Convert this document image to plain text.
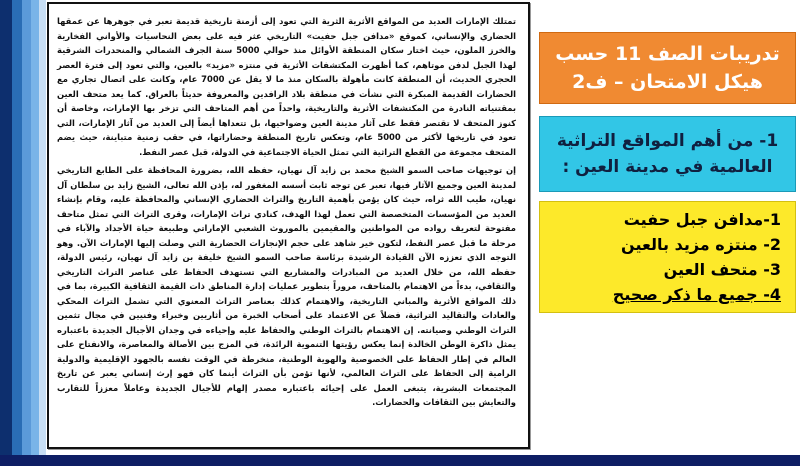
تمتلك الإمارات العديد من المواقع الأثرية الثرية التي تعود إلى أزمنة تاريخية قديمة تعبر في جوهرها عن عمقها الحضاري والإنساني، كموقع «مدافن جبل حفيت» التاريخي عثر فيه على بعض النحاسيات والأواني الفخارية والخرز الملون، حيث اختار سكان المنطقة الأوائل منذ حوالي 5000 سنة الجرف الشمالي والمنحدرات الشرقية لهذا الجبل لدفن موتاهم، كما أظهرت المكتشفات الأثرية في منتزه «مزيد» بالعين، والتي تعود إلى فترة العصر الحجري الحديث، أن المنطقة كانت مأهولة بالسكان منذ ما لا يقل عن 7000 عام، وكانت على اتصال تجاري مع الحضارات القديمة المبكرة التي نشأت في منطقة بلاد الرافدين والمعروفة حديثاً بالعراق. كما يعد متحف العين بمقتنياته النادرة من المكتشفات الأثرية والتاريخية، واحداً من أهم المتاحف التي تزخر بها الإمارات، وخاصة أن كنوز المتحف لا تقتصر فقط على آثار مدينة العين وضواحيها، بل تتعداها أيضاً إلى العديد من آثار الإمارات، التي تعود في تاريخها لأكثر من 5000 عام، وتعكس تاريخ المنطقة وحضاراتها، في حقب زمنية متباينة، حيث يضم المتحف مجموعة من القطع التراثية التي تمثل الحياة الاجتماعية في الدولة، قبل عصر النفط.

إن توجيهات صاحب السمو الشيخ محمد بن زايد آل نهيان، حفظه الله، بضرورة المحافظة على الطابع التاريخي لمدينة العين وجميع الآثار فيها، تعبر عن توجه ثابت أسسه المغفور له، بإذن الله تعالى، الشيخ زايد بن سلطان آل نهيان، طيب الله ثراه، حيث كان يؤمن بأهمية التاريخ والتراث الحضاري الإنساني والمحافظة عليه، وقام بإنشاء العديد من المؤسسات المتخصصة التي تعمل لهذا الهدف، كنادي تراث الإمارات، وقرى التراث التي تمثل متاحف مفتوحة لتعريف رواده من المواطنين والمقيمين بالموروث الشعبي الإماراتي وطبيعة حياة الأجداد والآباء في مرحلة ما قبل عصر النفط، لتكون خير شاهد على حجم الإنجازات الحضارية التي وصلت إليها الإمارات الآن. وهو التوجه الذي تعززه الآن القيادة الرشيدة برئاسة صاحب السمو الشيخ خليفة بن زايد آل نهيان، رئيس الدولة، حفظه الله، من خلال العديد من المبادرات والمشاريع التي تستهدف الحفاظ على عناصر التراث التاريخي والثقافي، بدءاً من الاهتمام بالمتاحف، مروراً بتطوير عمليات إدارة المناطق ذات القيمة الثقافية الكبيرة، بما في ذلك المواقع الأثرية والمباني التاريخية، والاهتمام كذلك بعناصر التراث المعنوي التي تشمل التراث المحكي والعادات والتقاليد التراثية، فضلاً عن الاعتماد على أصحاب الخبرة من أثاريين وخبراء وفنيين في مجال تثمين التراث الوطني وصيانته. إن الاهتمام بالتراث الوطني والحفاظ عليه وإحياءه في وجدان الأجيال الجديدة باعتباره يمثل ذاكرة الوطن الخالدة إنما يعكس رؤيتها التنموية الرائدة، في المزج بين الأصالة والمعاصرة، والانفتاح على العالم في إطار الحفاظ على الخصوصية والهوية الوطنية، منخرطة في الوقت نفسه بالجهود الإقليمية والدولية الرامية إلى الحفاظ على التراث العالمي، لأنها تؤمن بأن التراث أينما كان فهو إرث إنساني يعبر عن تاريخ المجتمعات البشرية، يتبغى العمل على إحيائه باعتباره مصدر إلهام للأجيال الجديدة وعاملاً معززاً للتقارب والتعايش بين الثقافات والحضارات.

تدريبات الصف 11 حسب هيكل الامتحان – ف2
1- من أهم المواقع التراثية العالمية في مدينة العين :
1-مدافن جبل حفيت
2- منتزه مزيد بالعين
3- متحف العين
4- جميع ما ذكر صحيح
